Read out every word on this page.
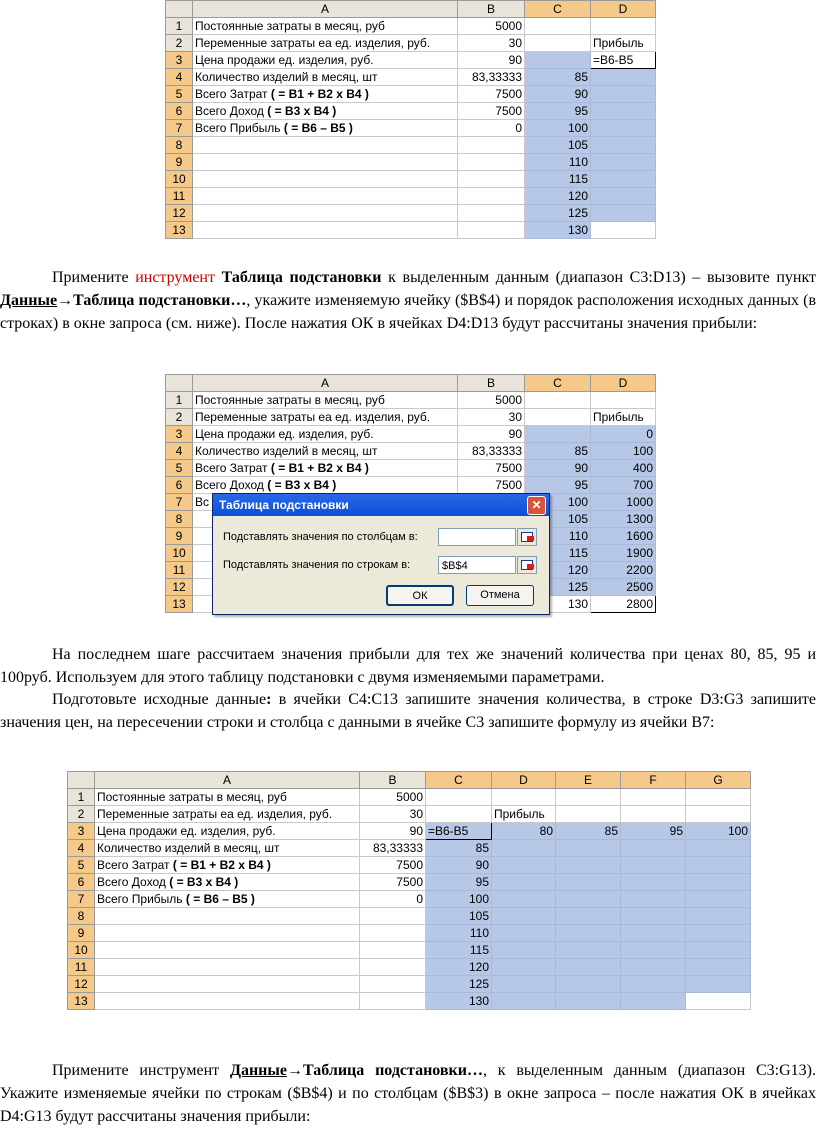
	A	B	C	D
1	Постоянные затраты в месяц, руб	5000		
2	Переменные затраты еа ед. изделия, руб.	30		Прибыль
3	Цена продажи ед. изделия, руб.	90		=B6-B5
4	Количество изделий в месяц, шт	83,33333	85	
5	Всего Затрат ( = B1 + B2 x B4 )	7500	90	
6	Всего Доход ( = B3 x B4 )	7500	95	
7	Всего Прибыль ( = B6 – B5 )	0	100	
8			105	
9			110	
10			115	
11			120	
12			125	
13			130	
Примените инструмент Таблица подстановки к выделенным данным (диапазон C3:D13) – вызовите пункт Данные→Таблица подстановки…, укажите изменяемую ячейку ($B$4) и порядок расположения исходных данных (в строках) в окне запроса (см. ниже). После нажатия ОК в ячейках D4:D13 будут рассчитаны значения прибыли:
	A	B	C	D
1	Постоянные затраты в месяц, руб	5000		
2	Переменные затраты еа ед. изделия, руб.	30		Прибыль
3	Цена продажи ед. изделия, руб.	90		0
4	Количество изделий в месяц, шт	83,33333	85	100
5	Всего Затрат ( = B1 + B2 x B4 )	7500	90	400
6	Всего Доход ( = B3 x B4 )	7500	95	700
7	Вс		100	1000
8			105	1300
9			110	1600
10			115	1900
11			120	2200
12			125	2500
13			130	2800
Таблица подстановки	✕
Подставлять значения по столбцам в:
Подставлять значения по строкам в:	$B$4
ОК	Отмена
На последнем шаге рассчитаем значения прибыли для тех же значений количества при ценах 80, 85, 95 и 100руб. Используем для этого таблицу подстановки с двумя изменяемыми параметрами.
Подготовьте исходные данные: в ячейки С4:С13 запишите значения количества, в строке D3:G3 запишите значения цен, на пересечении строки и столбца с данными в ячейке С3 запишите формулу из ячейки В7:
	A	B	C	D	E	F	G
1	Постоянные затраты в месяц, руб	5000					
2	Переменные затраты еа ед. изделия, руб.	30		Прибыль			
3	Цена продажи ед. изделия, руб.	90	=B6-B5	80	85	95	100
4	Количество изделий в месяц, шт	83,33333	85				
5	Всего Затрат ( = B1 + B2 x B4 )	7500	90				
6	Всего Доход ( = B3 x B4 )	7500	95				
7	Всего Прибыль ( = B6 – B5 )	0	100				
8			105				
9			110				
10			115				
11			120				
12			125				
13			130				
Примените инструмент Данные→Таблица подстановки…, к выделенным данным (диапазон C3:G13). Укажите изменяемые ячейки по строкам ($B$4) и по столбцам ($B$3) в окне запроса – после нажатия ОК в ячейках D4:G13 будут рассчитаны значения прибыли:
